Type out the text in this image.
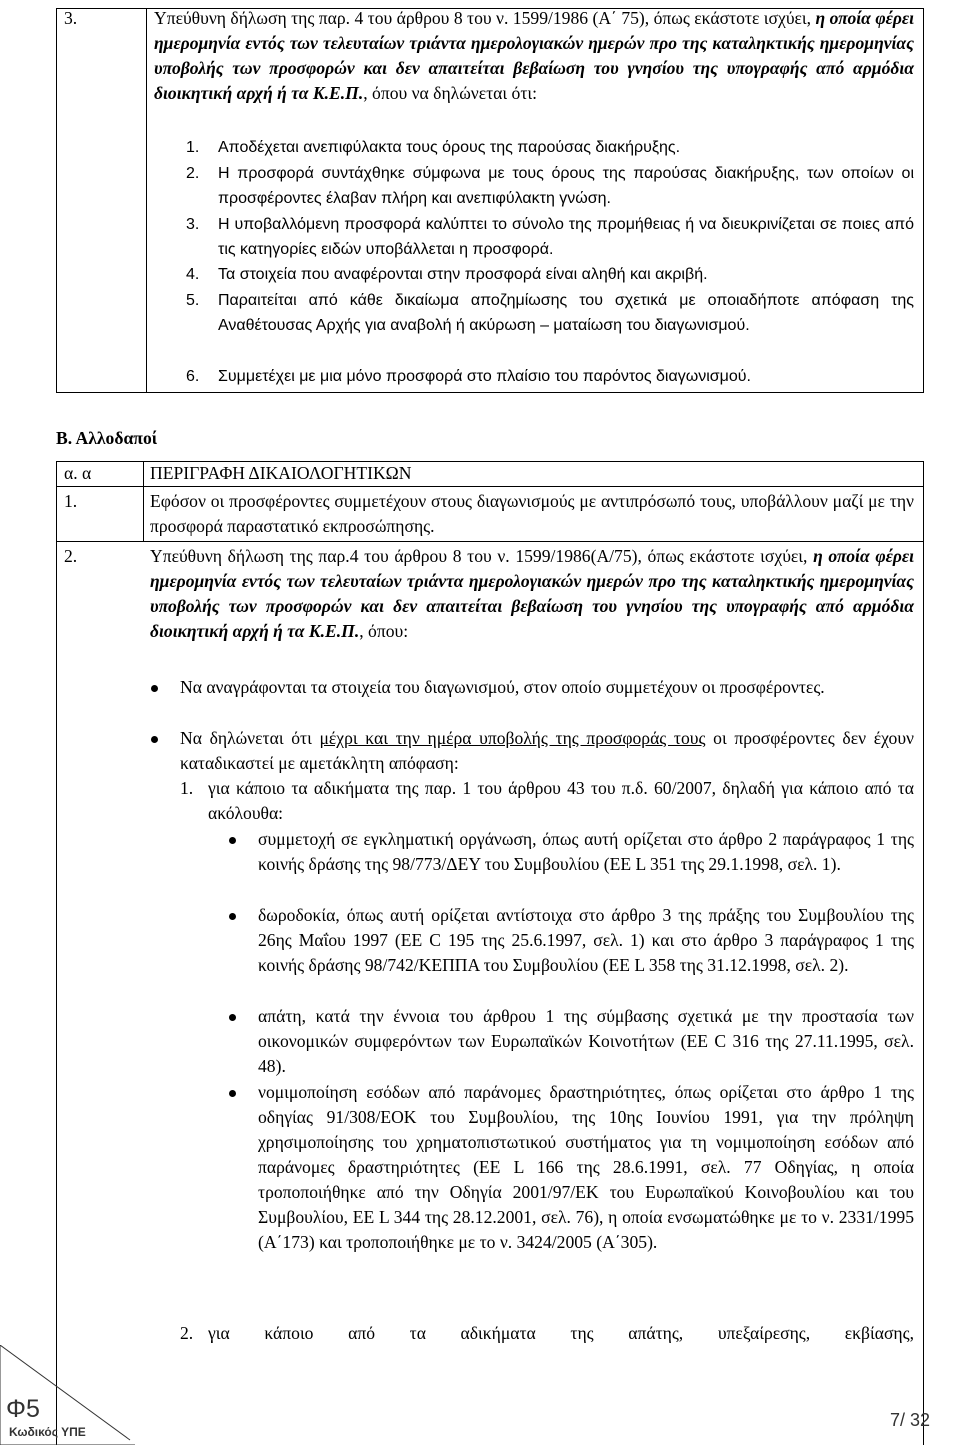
3.	Υπεύθυνη δήλωση της παρ. 4 του άρθρου 8 του ν. 1599/1986 (Α΄ 75), όπως εκάστοτε ισχύει, η οποία φέρει ημερομηνία εντός των τελευταίων τριάντα ημερολογιακών ημερών προ της καταληκτικής ημερομηνίας υποβολής των προσφορών και δεν απαιτείται βεβαίωση του γνησίου της υπογραφής από αρμόδια διοικητική αρχή ή τα Κ.Ε.Π., όπου να δηλώνεται ότι:
1. Αποδέχεται ανεπιφύλακτα τους όρους της παρούσας διακήρυξης.
2. Η προσφορά συντάχθηκε σύμφωνα με τους όρους της παρούσας διακήρυξης, των οποίων οι προσφέροντες έλαβαν πλήρη και ανεπιφύλακτη γνώση.
3. Η υποβαλλόμενη προσφορά καλύπτει το σύνολο της προμήθειας ή να διευκρινίζεται σε ποιες από τις κατηγορίες ειδών υποβάλλεται η προσφορά.
4. Τα στοιχεία που αναφέρονται στην προσφορά είναι αληθή και ακριβή.
5. Παραιτείται από κάθε δικαίωμα αποζημίωσης του σχετικά με οποιαδήποτε απόφαση της Αναθέτουσας Αρχής για αναβολή ή ακύρωση – ματαίωση του διαγωνισμού.
6. Συμμετέχει με μια μόνο προσφορά στο πλαίσιο του παρόντος διαγωνισμού.
Β. Αλλοδαποί
α. α	ΠΕΡΙΓΡΑΦΗ ΔΙΚΑΙΟΛΟΓΗΤΙΚΩΝ
1.	Εφόσον οι προσφέροντες συμμετέχουν στους διαγωνισμούς με αντιπρόσωπό τους, υποβάλλουν μαζί με την προσφορά παραστατικό εκπροσώπησης.
2.	Υπεύθυνη δήλωση της παρ.4 του άρθρου 8 του ν. 1599/1986(Α/75), όπως εκάστοτε ισχύει, η οποία φέρει ημερομηνία εντός των τελευταίων τριάντα ημερολογιακών ημερών προ της καταληκτικής ημερομηνίας υποβολής των προσφορών και δεν απαιτείται βεβαίωση του γνησίου της υπογραφής από αρμόδια διοικητική αρχή ή τα Κ.Ε.Π., όπου:
Να αναγράφονται τα στοιχεία του διαγωνισμού, στον οποίο συμμετέχουν οι προσφέροντες.
Να δηλώνεται ότι μέχρι και την ημέρα υποβολής της προσφοράς τους οι προσφέροντες δεν έχουν καταδικαστεί με αμετάκλητη απόφαση:
1. για κάποιο τα αδικήματα της παρ. 1 του άρθρου 43 του π.δ. 60/2007, δηλαδή για κάποιο από τα ακόλουθα:
συμμετοχή σε εγκληματική οργάνωση, όπως αυτή ορίζεται στο άρθρο 2 παράγραφος 1 της κοινής δράσης της 98/773/ΔΕΥ του Συμβουλίου (ΕΕ L 351 της 29.1.1998, σελ. 1).
δωροδοκία, όπως αυτή ορίζεται αντίστοιχα στο άρθρο 3 της πράξης του Συμβουλίου της 26ης Μαΐου 1997 (ΕΕ C 195 της 25.6.1997, σελ. 1) και στο άρθρο 3 παράγραφος 1 της κοινής δράσης 98/742/ΚΕΠΠΑ του Συμβουλίου (ΕΕ L 358 της 31.12.1998, σελ. 2).
απάτη, κατά την έννοια του άρθρου 1 της σύμβασης σχετικά με την προστασία των οικονομικών συμφερόντων των Ευρωπαϊκών Κοινοτήτων (ΕΕ C 316 της 27.11.1995, σελ. 48).
νομιμοποίηση εσόδων από παράνομες δραστηριότητες, όπως ορίζεται στο άρθρο 1 της οδηγίας 91/308/ΕΟΚ του Συμβουλίου, της 10ης Ιουνίου 1991, για την πρόληψη χρησιμοποίησης του χρηματοπιστωτικού συστήματος για τη νομιμοποίηση εσόδων από παράνομες δραστηριότητες (ΕΕ L 166 της 28.6.1991, σελ. 77 Οδηγίας, η οποία τροποποιήθηκε από την Οδηγία 2001/97/ΕΚ του Ευρωπαϊκού Κοινοβουλίου και του Συμβουλίου, ΕΕ L 344 της 28.12.2001, σελ. 76), η οποία ενσωματώθηκε με το ν. 2331/1995 (Α΄173) και τροποποιήθηκε με το ν. 3424/2005 (Α΄305).
2. για κάποιο από τα αδικήματα της απάτης, υπεξαίρεσης, εκβίασης,
Φ5
Κωδικός ΥΠΕ
7/ 32
